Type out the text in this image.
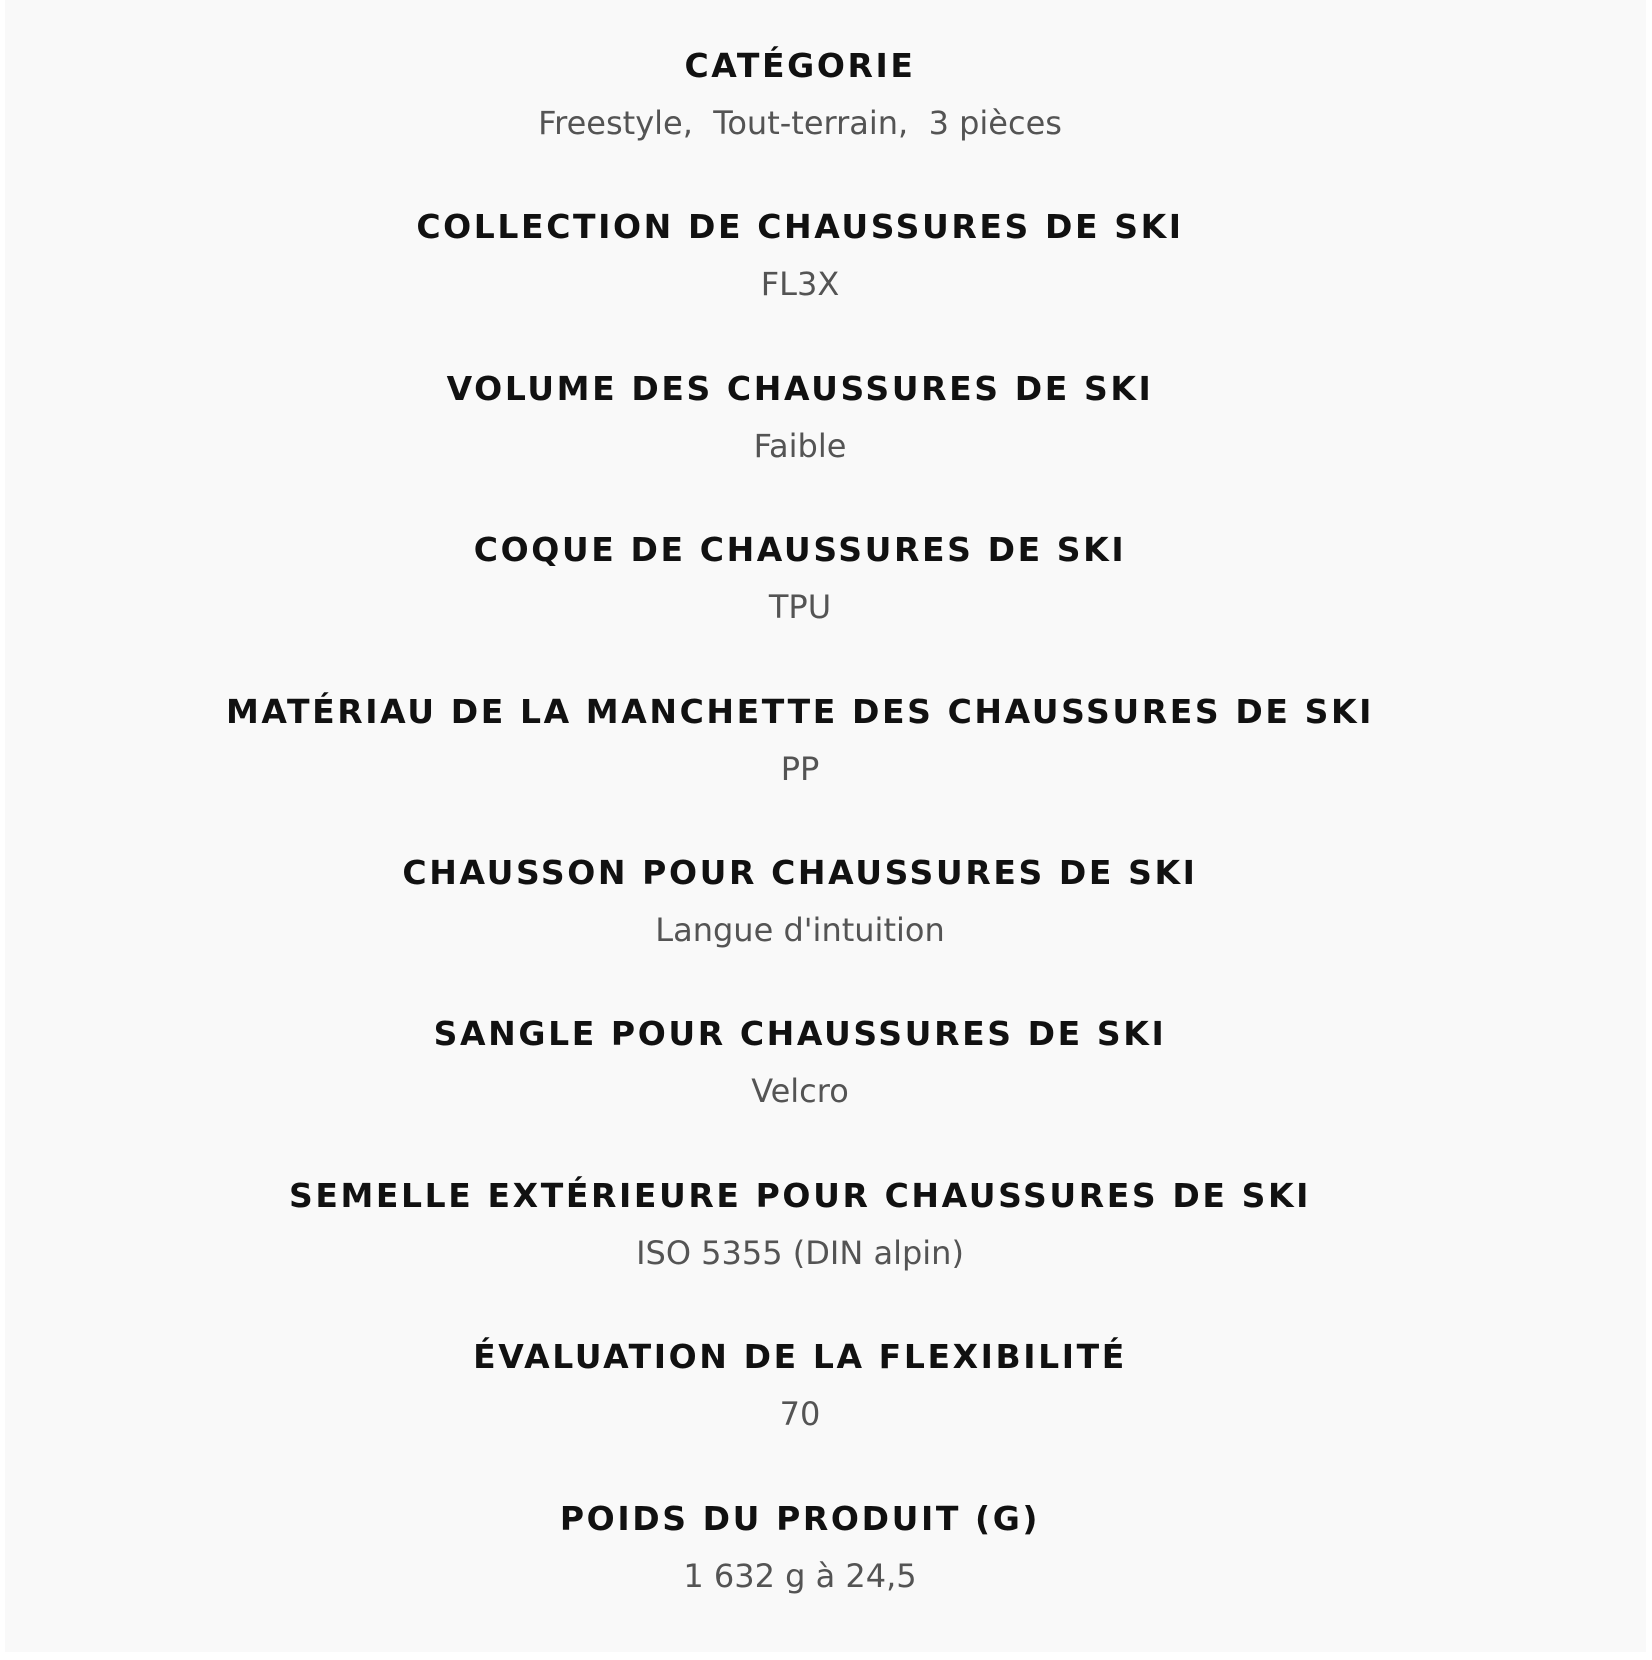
CATÉGORIE
Freestyle ,  Tout-terrain ,  3 pièces
COLLECTION DE CHAUSSURES DE SKI
FL3X
VOLUME DES CHAUSSURES DE SKI
Faible
COQUE DE CHAUSSURES DE SKI
TPU
MATÉRIAU DE LA MANCHETTE DES CHAUSSURES DE SKI
PP
CHAUSSON POUR CHAUSSURES DE SKI
Langue d'intuition
SANGLE POUR CHAUSSURES DE SKI
Velcro
SEMELLE EXTÉRIEURE POUR CHAUSSURES DE SKI
ISO 5355 (DIN alpin)
ÉVALUATION DE LA FLEXIBILITÉ
70
POIDS DU PRODUIT (G)
1 632 g à 24,5
